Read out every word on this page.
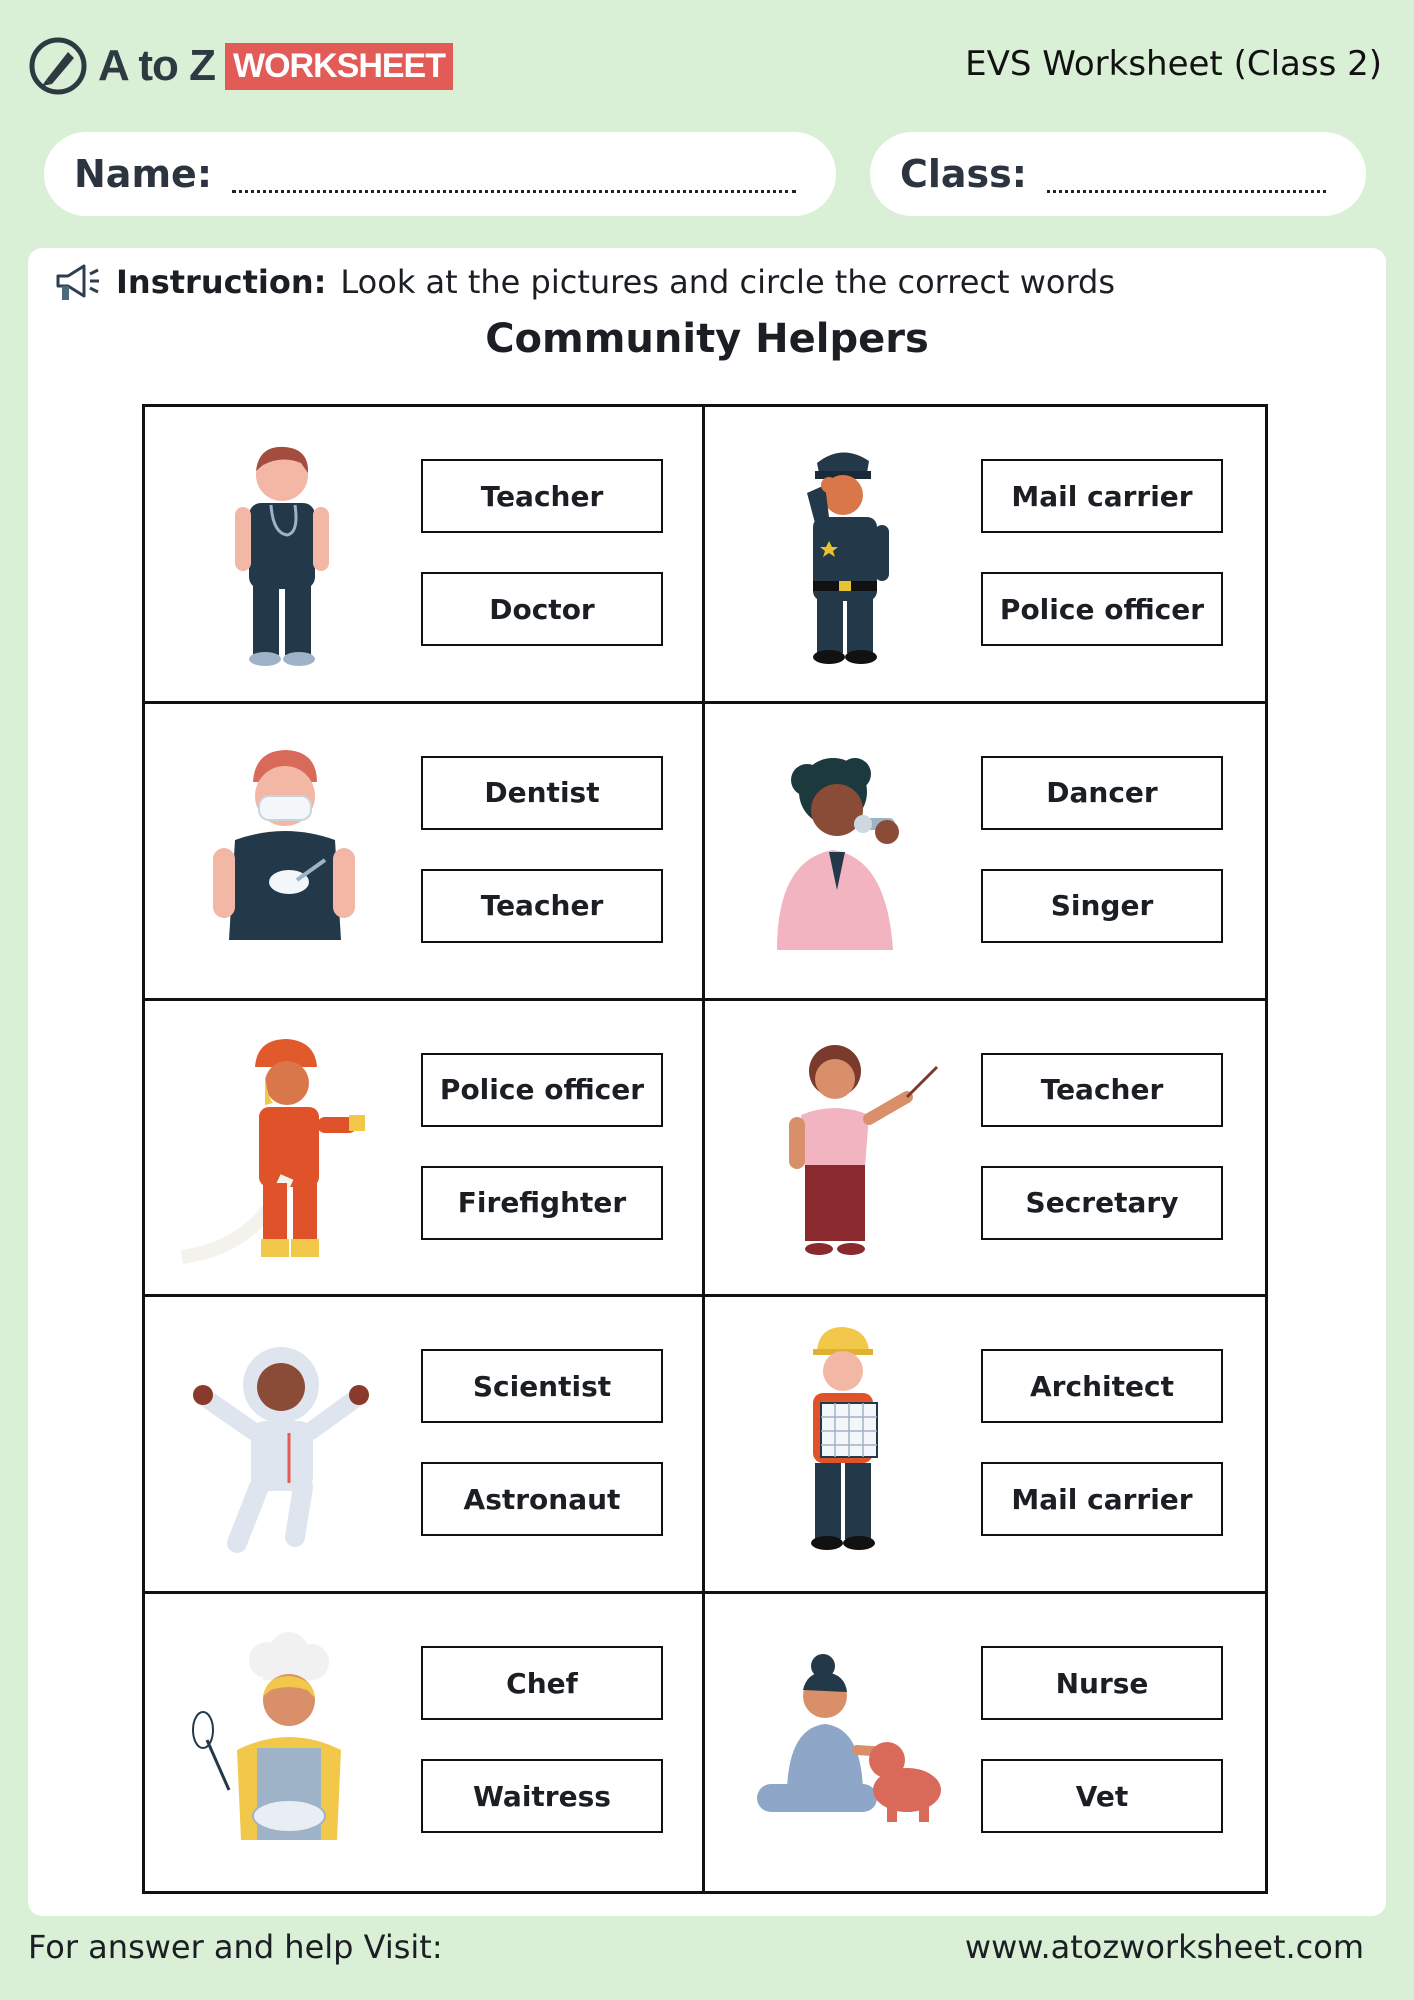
A to Z WORKSHEET	EVS Worksheet (Class 2)
Name:	Class:
Instruction: Look at the pictures and circle the correct words
Community Helpers
Teacher
Doctor
Mail carrier
Police officer
Dentist
Teacher
Dancer
Singer
Police officer
Firefighter
Teacher
Secretary
Scientist
Astronaut
Architect
Mail carrier
Chef
Waitress
Nurse
Vet
For answer and help Visit:	www.atozworksheet.com
